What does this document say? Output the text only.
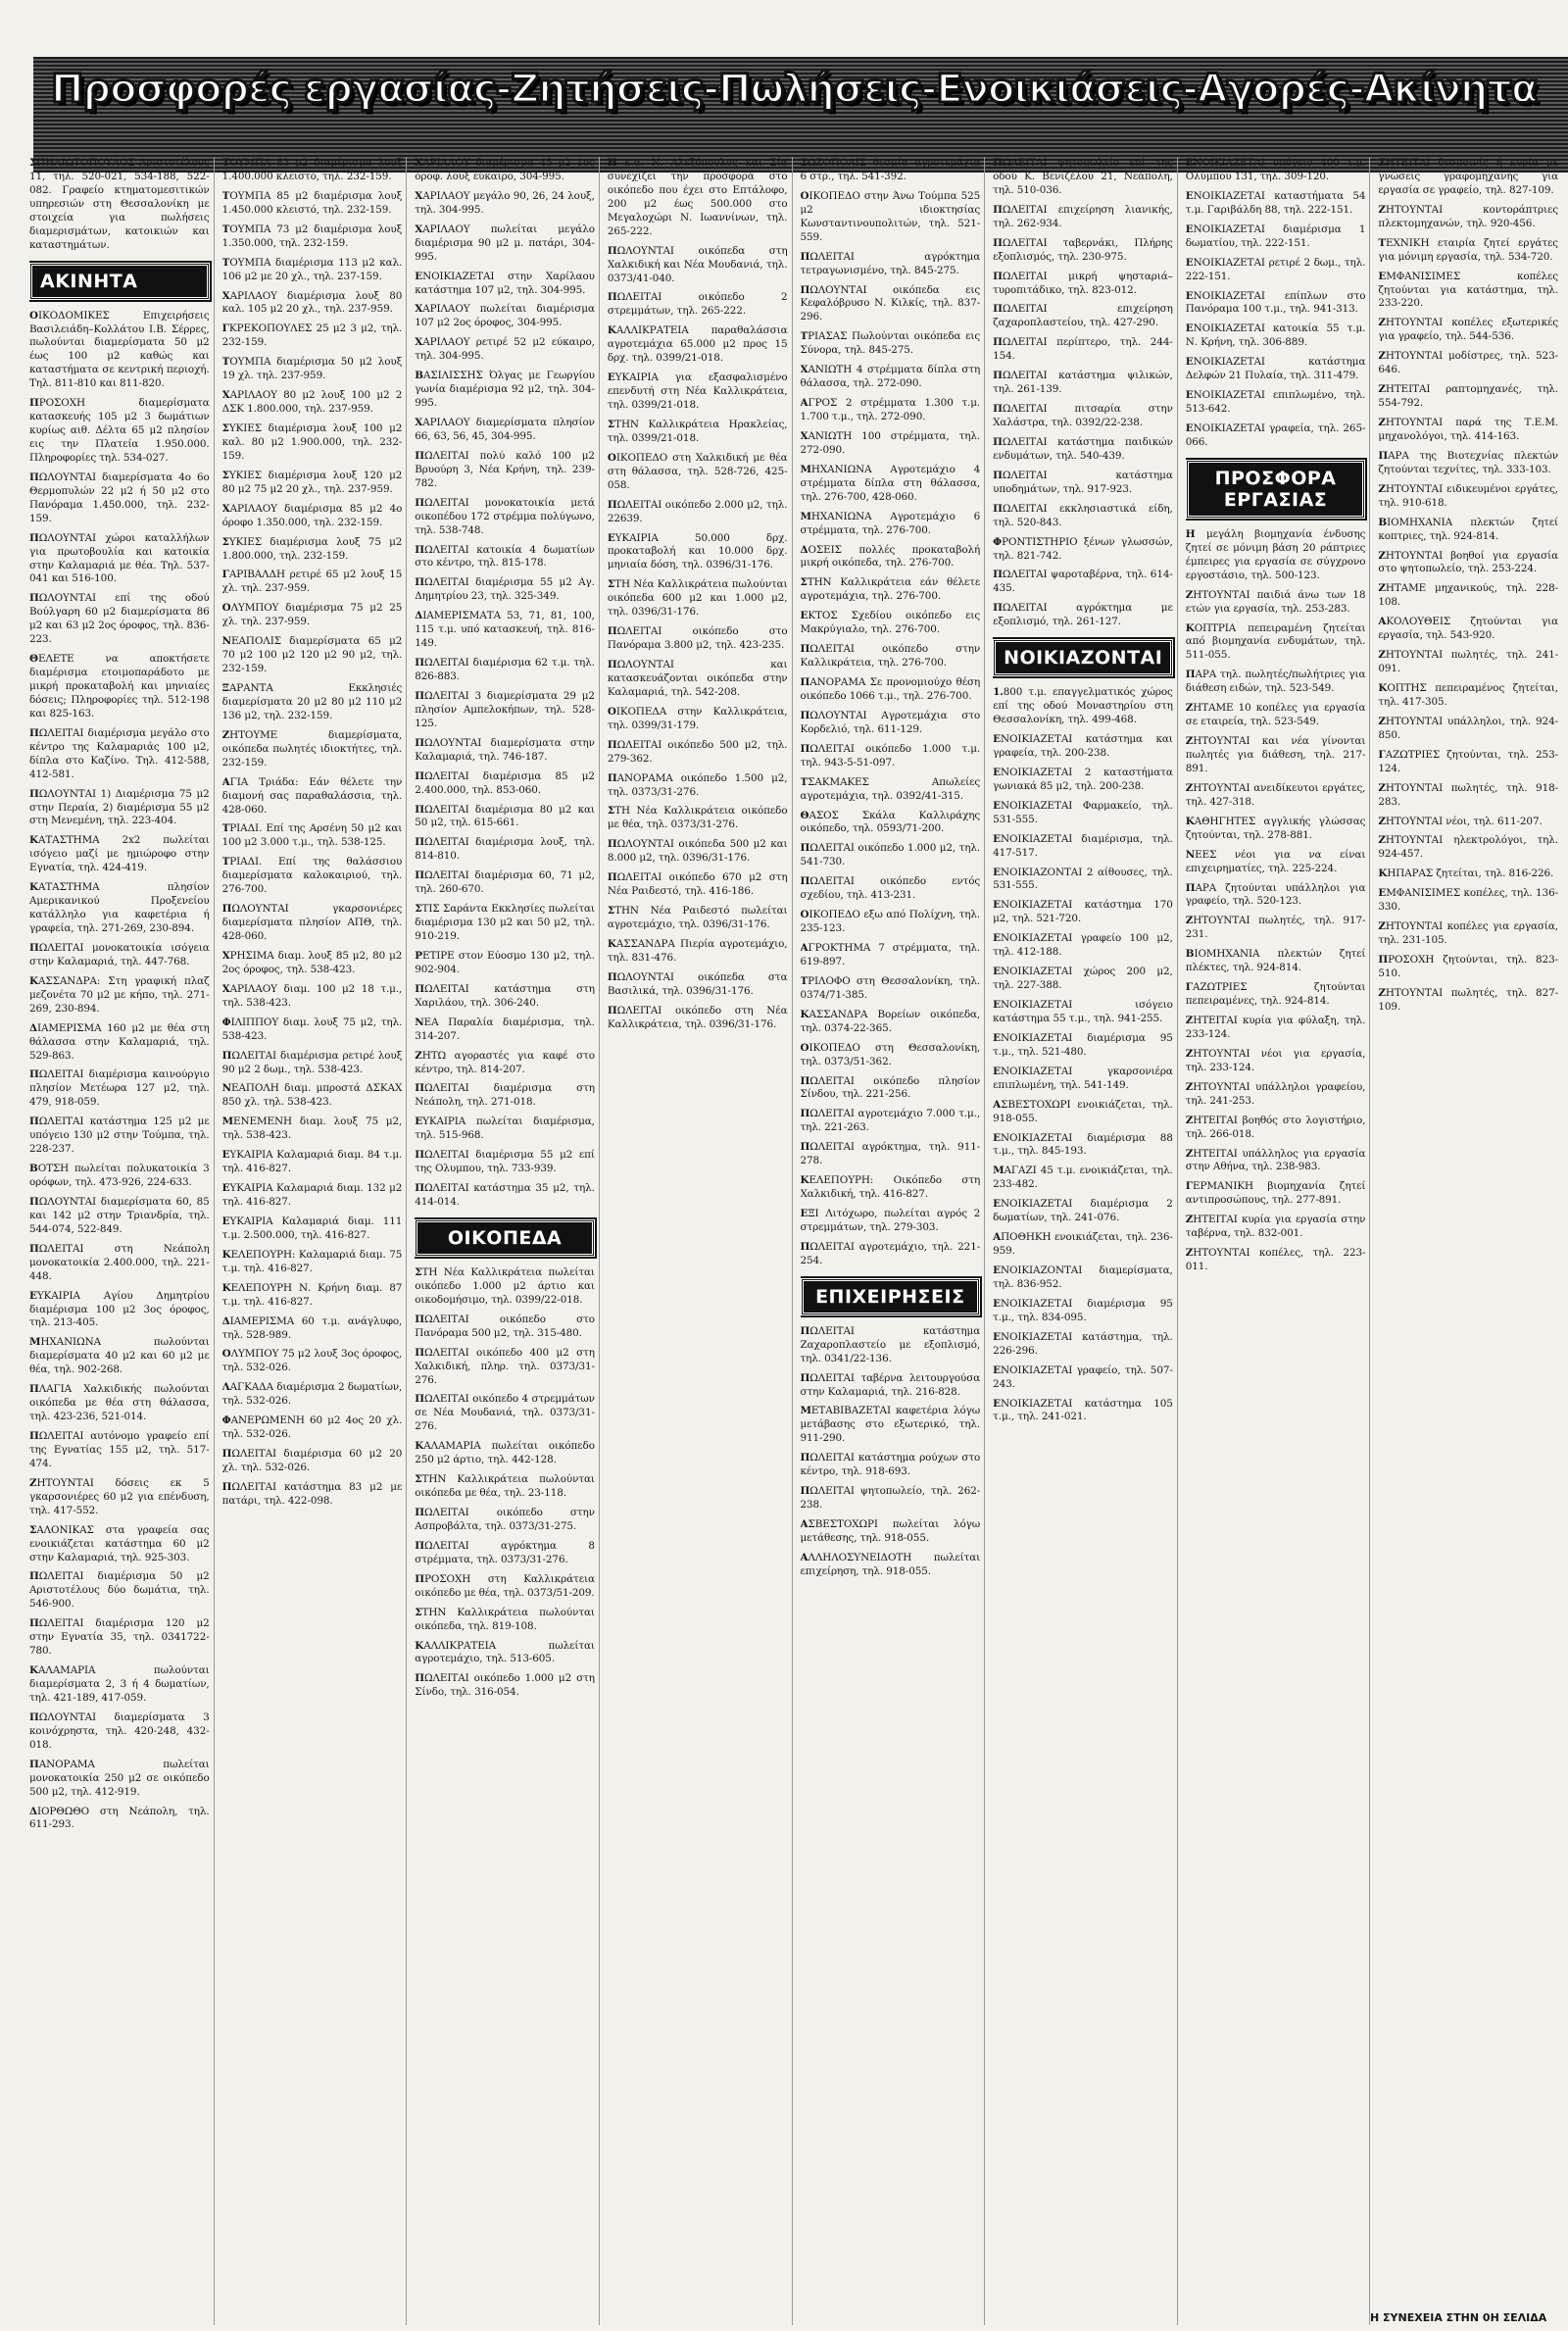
Προσφορές εργασίας-Ζητήσεις-Πωλήσεις-Ενοικιάσεις-Αγορές-Ακίνητα

ΣΠΗΛΙΩΤΟΠΟΥΛΟΣ Αριστοτέλους 11, τηλ. 520-021, 534-188, 522-082. Γραφείο κτηματομεσιτικών υπηρεσιών στη Θεσσαλονίκη με στοιχεία για πωλήσεις διαμερισμάτων, κατοικιών και καταστημάτων.

ΑΚΙΝΗΤΑ

ΟΙΚΟΔΟΜΙΚΕΣ Επιχειρήσεις Βασιλειάδη–Κολλάτου Ι.Β. Σέρρες, πωλούνται διαμερίσματα 50 μ2 έως 100 μ2 καθώς και καταστήματα σε κεντρική περιοχή. Τηλ. 811-810 και 811-820.

ΠΡΟΣΟΧΗ διαμερίσματα κατασκευής 105 μ2 3 δωμάτιων κυρίως αιθ. Δέλτα 65 μ2 πλησίον εις την Πλατεία 1.950.000. Πληροφορίες τηλ. 534-027.

ΠΩΛΟΥΝΤΑΙ διαμερίσματα 4ο 6ο Θερμοπυλών 22 μ2 ή 50 μ2 στο Πανόραμα 1.450.000, τηλ. 232-159.

ΠΩΛΟΥΝΤΑΙ χώροι καταλλήλων για πρωτοβουλία και κατοικία στην Καλαμαριά με θέα. Τηλ. 537-041 και 516-100.

ΠΩΛΟΥΝΤΑΙ επί της οδού Βούλγαρη 60 μ2 διαμερίσματα 86 μ2 και 63 μ2 2ος όροφος, τηλ. 836-223.

ΘΕΛΕΤΕ να αποκτήσετε διαμέρισμα ετοιμοπαράδοτο με μικρή προκαταβολή και μηνιαίες δόσεις; Πληροφορίες τηλ. 512-198 και 825-163.

ΠΩΛΕΙΤΑΙ διαμέρισμα μεγάλο στο κέντρο της Καλαμαριάς 100 μ2, δίπλα στο Καζίνο. Τηλ. 412-588, 412-581.

ΠΩΛΟΥΝΤΑΙ 1) Διαμέρισμα 75 μ2 στην Περαία, 2) διαμέρισμα 55 μ2 στη Μενεμένη, τηλ. 223-404.

ΚΑΤΑΣΤΗΜΑ 2x2 πωλείται ισόγειο μαζί με ημιώροφο στην Εγνατία, τηλ. 424-419.

ΚΑΤΑΣΤΗΜΑ πλησίον Αμερικανικού Προξενείου κατάλληλο για καφετέρια ή γραφεία, τηλ. 271-269, 230-894.

ΠΩΛΕΙΤΑΙ μονοκατοικία ισόγεια στην Καλαμαριά, τηλ. 447-768.

ΚΑΣΣΑΝΔΡΑ: Στη γραφική πλαζ μεζονέτα 70 μ2 με κήπο, τηλ. 271-269, 230-894.

ΔΙΑΜΕΡΙΣΜΑ 160 μ2 με θέα στη θάλασσα στην Καλαμαριά, τηλ. 529-863.

ΠΩΛΕΙΤΑΙ διαμέρισμα καινούργιο πλησίον Μετέωρα 127 μ2, τηλ. 479, 918-059.

ΠΩΛΕΙΤΑΙ κατάστημα 125 μ2 με υπόγειο 130 μ2 στην Τούμπα, τηλ. 228-237.

ΒΟΤΣΗ πωλείται πολυκατοικία 3 ορόφων, τηλ. 473-926, 224-633.

ΠΩΛΟΥΝΤΑΙ διαμερίσματα 60, 85 και 142 μ2 στην Τριανδρία, τηλ. 544-074, 522-849.

ΠΩΛΕΙΤΑΙ στη Νεάπολη μονοκατοικία 2.400.000, τηλ. 221-448.

ΕΥΚΑΙΡΙΑ Αγίου Δημητρίου διαμέρισμα 100 μ2 3ος όροφος, τηλ. 213-405.

ΜΗΧΑΝΙΩΝΑ πωλούνται διαμερίσματα 40 μ2 και 60 μ2 με θέα, τηλ. 902-268.

ΠΛΑΓΙΑ Χαλκιδικής πωλούνται οικόπεδα με θέα στη θάλασσα, τηλ. 423-236, 521-014.

ΠΩΛΕΙΤΑΙ αυτόνομο γραφείο επί της Εγνατίας 155 μ2, τηλ. 517-474.

ΖΗΤΟΥΝΤΑΙ δόσεις εκ 5 γκαρσονιέρες 60 μ2 για επένδυση, τηλ. 417-552.

ΣΑΛΟΝΙΚΑΣ στα γραφεία σας ενοικιάζεται κατάστημα 60 μ2 στην Καλαμαριά, τηλ. 925-303.

ΠΩΛΕΙΤΑΙ διαμέρισμα 50 μ2 Αριστοτέλους δύο δωμάτια, τηλ. 546-900.

ΠΩΛΕΙΤΑΙ διαμέρισμα 120 μ2 στην Εγνατία 35, τηλ. 0341722-780.

ΚΑΛΑΜΑΡΙΑ πωλούνται διαμερίσματα 2, 3 ή 4 δωματίων, τηλ. 421-189, 417-059.

ΠΩΛΟΥΝΤΑΙ διαμερίσματα 3 κοινόχρηστα, τηλ. 420-248, 432-018.

ΠΑΝΟΡΑΜΑ πωλείται μονοκατοικία 250 μ2 σε οικόπεδο 500 μ2, τηλ. 412-919.

ΔΙΟΡΘΩΘΟ στη Νεάπολη, τηλ. 611-293.

ΤΟΥΜΠΑ 83 μ2 διαμέρισμα λουξ 1.400.000 κλειστό, τηλ. 232-159.

ΤΟΥΜΠΑ 85 μ2 διαμέρισμα λουξ 1.450.000 κλειστό, τηλ. 232-159.

ΤΟΥΜΠΑ 73 μ2 διαμέρισμα λουξ 1.350.000, τηλ. 232-159.

ΤΟΥΜΠΑ διαμέρισμα 113 μ2 καλ. 106 μ2 με 20 χλ., τηλ. 237-159.

ΧΑΡΙΛΑΟΥ διαμέρισμα λουξ 80 καλ. 105 μ2 20 χλ., τηλ. 237-959.

ΓΚΡΕΚΟΠΟΥΛΕΣ 25 μ2 3 μ2, τηλ. 232-159.

ΤΟΥΜΠΑ διαμέρισμα 50 μ2 λουξ 19 χλ. τηλ. 237-959.

ΧΑΡΙΛΑΟΥ 80 μ2 λουξ 100 μ2 2 ΔΣΚ 1.800.000, τηλ. 237-959.

ΣΥΚΙΕΣ διαμέρισμα λουξ 100 μ2 καλ. 80 μ2 1.900.000, τηλ. 232-159.

ΣΥΚΙΕΣ διαμέρισμα λουξ 120 μ2 80 μ2 75 μ2 20 χλ., τηλ. 237-959.

ΧΑΡΙΛΑΟΥ διαμέρισμα 85 μ2 4ο όροφο 1.350.000, τηλ. 232-159.

ΣΥΚΙΕΣ διαμέρισμα λουξ 75 μ2 1.800.000, τηλ. 232-159.

ΓΑΡΙΒΑΛΔΗ ρετιρέ 65 μ2 λουξ 15 χλ. τηλ. 237-959.

ΟΛΥΜΠΟΥ διαμέρισμα 75 μ2 25 χλ. τηλ. 237-959.

ΝΕΑΠΟΛΙΣ διαμερίσματα 65 μ2 70 μ2 100 μ2 120 μ2 90 μ2, τηλ. 232-159.

ΞΑΡΑΝΤΑ Εκκλησιές διαμερίσματα 20 μ2 80 μ2 110 μ2 136 μ2, τηλ. 232-159.

ΖΗΤΟΥΜΕ διαμερίσματα, οικόπεδα πωλητές ιδιοκτήτες, τηλ. 232-159.

ΑΓΙΑ Τριάδα: Εάν θέλετε την διαμονή σας παραθαλάσσια, τηλ. 428-060.

ΤΡΙΑΔΙ. Επί της Αρσένη 50 μ2 και 100 μ2 3.000 τ.μ., τηλ. 538-125.

ΤΡΙΑΔΙ. Επί της θαλάσσιου διαμερίσματα καλοκαιριού, τηλ. 276-700.

ΠΩΛΟΥΝΤΑΙ γκαρσονιέρες διαμερίσματα πλησίον ΑΠΘ, τηλ. 428-060.

ΧΡΗΣΙΜΑ διαμ. λουξ 85 μ2, 80 μ2 2ος όροφος, τηλ. 538-423.

ΧΑΡΙΛΑΟΥ διαμ. 100 μ2 18 τ.μ., τηλ. 538-423.

ΦΙΛΙΠΠΟΥ διαμ. λουξ 75 μ2, τηλ. 538-423.

ΠΩΛΕΙΤΑΙ διαμέρισμα ρετιρέ λουξ 90 μ2 2 δωμ., τηλ. 538-423.

ΝΕΑΠΟΛΗ διαμ. μπροστά ΔΣΚΑΧ 850 χλ. τηλ. 538-423.

ΜΕΝΕΜΕΝΗ διαμ. λουξ 75 μ2, τηλ. 538-423.

ΕΥΚΑΙΡΙΑ Καλαμαριά διαμ. 84 τ.μ. τηλ. 416-827.

ΕΥΚΑΙΡΙΑ Καλαμαριά διαμ. 132 μ2 τηλ. 416-827.

ΕΥΚΑΙΡΙΑ Καλαμαριά διαμ. 111 τ.μ. 2.500.000, τηλ. 416-827.

ΚΕΛΕΠΟΥΡΗ: Καλαμαριά διαμ. 75 τ.μ. τηλ. 416-827.

ΚΕΛΕΠΟΥΡΗ Ν. Κρήνη διαμ. 87 τ.μ. τηλ. 416-827.

ΔΙΑΜΕΡΙΣΜΑ 60 τ.μ. ανάγλυφο, τηλ. 528-989.

ΟΛΥΜΠΟΥ 75 μ2 λουξ 3ος όροφος, τηλ. 532-026.

ΛΑΓΚΑΔΑ διαμέρισμα 2 δωματίων, τηλ. 532-026.

ΦΑΝΕΡΩΜΕΝΗ 60 μ2 4ος 20 χλ. τηλ. 532-026.

ΠΩΛΕΙΤΑΙ διαμέρισμα 60 μ2 20 χλ. τηλ. 532-026.

ΠΩΛΕΙΤΑΙ κατάστημα 83 μ2 με πατάρι, τηλ. 422-098.

ΧΑΡΙΛΑΟΥ διαμέρισμα 45 μ2 1ος όροφ. λουξ εύκαιρο, 304-995.

ΧΑΡΙΛΑΟΥ μεγάλο 90, 26, 24 λουξ, τηλ. 304-995.

ΧΑΡΙΛΑΟΥ πωλείται μεγάλο διαμέρισμα 90 μ2 μ. πατάρι, 304-995.

ΕΝΟΙΚΙΑΖΕΤΑΙ στην Χαρίλαου κατάστημα 107 μ2, τηλ. 304-995.

ΧΑΡΙΛΑΟΥ πωλείται διαμέρισμα 107 μ2 2ος όροφος, 304-995.

ΧΑΡΙΛΑΟΥ ρετιρέ 52 μ2 εύκαιρο, τηλ. 304-995.

ΒΑΣΙΛΙΣΣΗΣ Όλγας με Γεωργίου γωνία διαμέρισμα 92 μ2, τηλ. 304-995.

ΧΑΡΙΛΑΟΥ διαμερίσματα πλησίον 66, 63, 56, 45, 304-995.

ΠΩΛΕΙΤΑΙ πολύ καλό 100 μ2 Βρυούρη 3, Νέα Κρήνη, τηλ. 239-782.

ΠΩΛΕΙΤΑΙ μονοκατοικία μετά οικοπέδου 172 στρέμμα πολύγωνο, τηλ. 538-748.

ΠΩΛΕΙΤΑΙ κατοικία 4 δωματίων στο κέντρο, τηλ. 815-178.

ΠΩΛΕΙΤΑΙ διαμέρισμα 55 μ2 Αγ. Δημητρίου 23, τηλ. 325-349.

ΔΙΑΜΕΡΙΣΜΑΤΑ 53, 71, 81, 100, 115 τ.μ. υπό κατασκευή, τηλ. 816-149.

ΠΩΛΕΙΤΑΙ διαμέρισμα 62 τ.μ. τηλ. 826-883.

ΠΩΛΕΙΤΑΙ 3 διαμερίσματα 29 μ2 πλησίον Αμπελοκήπων, τηλ. 528-125.

ΠΩΛΟΥΝΤΑΙ διαμερίσματα στην Καλαμαριά, τηλ. 746-187.

ΠΩΛΕΙΤΑΙ διαμέρισμα 85 μ2 2.400.000, τηλ. 853-060.

ΠΩΛΕΙΤΑΙ διαμέρισμα 80 μ2 και 50 μ2, τηλ. 615-661.

ΠΩΛΕΙΤΑΙ διαμέρισμα λουξ, τηλ. 814-810.

ΠΩΛΕΙΤΑΙ διαμέρισμα 60, 71 μ2, τηλ. 260-670.

ΣΤΙΣ Σαράντα Εκκλησίες πωλείται διαμέρισμα 130 μ2 και 50 μ2, τηλ. 910-219.

ΡΕΤΙΡΕ στον Εύοσμο 130 μ2, τηλ. 902-904.

ΠΩΛΕΙΤΑΙ κατάστημα στη Χαριλάου, τηλ. 306-240.

ΝΕΑ Παραλία διαμέρισμα, τηλ. 314-207.

ΖΗΤΩ αγοραστές για καφέ στο κέντρο, τηλ. 814-207.

ΠΩΛΕΙΤΑΙ διαμέρισμα στη Νεάπολη, τηλ. 271-018.

ΕΥΚΑΙΡΙΑ πωλείται διαμέρισμα, τηλ. 515-968.

ΠΩΛΕΙΤΑΙ διαμέρισμα 55 μ2 επί της Ολυμπου, τηλ. 733-939.

ΠΩΛΕΙΤΑΙ κατάστημα 35 μ2, τηλ. 414-014.

ΟΙΚΟΠΕΔΑ

ΣΤΗ Νέα Καλλικράτεια πωλείται οικόπεδο 1.000 μ2 άρτιο και οικοδομήσιμο, τηλ. 0399/22-018.

ΠΩΛΕΙΤΑΙ οικόπεδο στο Πανόραμα 500 μ2, τηλ. 315-480.

ΠΩΛΕΙΤΑΙ οικόπεδο 400 μ2 στη Χαλκιδική, πληρ. τηλ. 0373/31-276.

ΠΩΛΕΙΤΑΙ οικόπεδο 4 στρεμμάτων σε Νέα Μουδανιά, τηλ. 0373/31-276.

ΚΑΛΑΜΑΡΙΑ πωλείται οικόπεδο 250 μ2 άρτιο, τηλ. 442-128.

ΣΤΗΝ Καλλικράτεια πωλούνται οικόπεδα με θέα, τηλ. 23-118.

ΠΩΛΕΙΤΑΙ οικόπεδο στην Ασπροβάλτα, τηλ. 0373/31-275.

ΠΩΛΕΙΤΑΙ αγρόκτημα 8 στρέμματα, τηλ. 0373/31-276.

ΠΡΟΣΟΧΗ στη Καλλικράτεια οικόπεδο με θέα, τηλ. 0373/51-209.

ΣΤΗΝ Καλλικράτεια πωλούνται οικόπεδα, τηλ. 819-108.

ΚΑΛΛΙΚΡΑΤΕΙΑ πωλείται αγροτεμάχιο, τηλ. 513-605.

ΠΩΛΕΙΤΑΙ οικόπεδο 1.000 μ2 στη Σίνδο, τηλ. 316-054.

Η κ.α. Ν. Αλεξόπουλος και Σία συνεχίζει την προσφορά στο οικόπεδο που έχει στο Επτάλοφο, 200 μ2 έως 500.000 στο Μεγαλοχώρι Ν. Ιωαννίνων, τηλ. 265-222.

ΠΩΛΟΥΝΤΑΙ οικόπεδα στη Χαλκιδική και Νέα Μουδανιά, τηλ. 0373/41-040.

ΠΩΛΕΙΤΑΙ οικόπεδο 2 στρεμμάτων, τηλ. 265-222.

ΚΑΛΛΙΚΡΑΤΕΙΑ παραθαλάσσια αγροτεμάχια 65.000 μ2 προς 15 δρχ. τηλ. 0399/21-018.

ΕΥΚΑΙΡΙΑ για εξασφαλισμένο επενδυτή στη Νέα Καλλικράτεια, τηλ. 0399/21-018.

ΣΤΗΝ Καλλικράτεια Ηρακλείας, τηλ. 0399/21-018.

ΟΙΚΟΠΕΔΟ στη Χαλκιδική με θέα στη θάλασσα, τηλ. 528-726, 425-058.

ΠΩΛΕΙΤΑΙ οικόπεδο 2.000 μ2, τηλ. 22639.

ΕΥΚΑΙΡΙΑ 50.000 δρχ. προκαταβολή και 10.000 δρχ. μηνιαία δόση, τηλ. 0396/31-176.

ΣΤΗ Νέα Καλλικράτεια πωλούνται οικόπεδα 600 μ2 και 1.000 μ2, τηλ. 0396/31-176.

ΠΩΛΕΙΤΑΙ οικόπεδο στο Πανόραμα 3.800 μ2, τηλ. 423-235.

ΠΩΛΟΥΝΤΑΙ και κατασκευάζονται οικόπεδα στην Καλαμαριά, τηλ. 542-208.

ΟΙΚΟΠΕΔΑ στην Καλλικράτεια, τηλ. 0399/31-179.

ΠΩΛΕΙΤΑΙ οικόπεδο 500 μ2, τηλ. 279-362.

ΠΑΝΟΡΑΜΑ οικόπεδο 1.500 μ2, τηλ. 0373/31-276.

ΣΤΗ Νέα Καλλικράτεια οικόπεδο με θέα, τηλ. 0373/31-276.

ΠΩΛΟΥΝΤΑΙ οικόπεδα 500 μ2 και 8.000 μ2, τηλ. 0396/31-176.

ΠΩΛΕΙΤΑΙ οικόπεδο 670 μ2 στη Νέα Ραιδεστό, τηλ. 416-186.

ΣΤΗΝ Νέα Ραιδεστό πωλείται αγροτεμάχιο, τηλ. 0396/31-176.

ΚΑΣΣΑΝΔΡΑ Πιερία αγροτεμάχιο, τηλ. 831-476.

ΠΩΛΟΥΝΤΑΙ οικόπεδα στα Βασιλικά, τηλ. 0396/31-176.

ΠΩΛΕΙΤΑΙ οικόπεδο στη Νέα Καλλικράτεια, τηλ. 0396/31-176.

ΣΩΖΟΠΟΛΙΣ θεσμία αγροτεμάχια 6 στρ., τηλ. 541-392.

ΟΙΚΟΠΕΔΟ στην Άνω Τούμπα 525 μ2 ιδιοκτησίας Κωνσταντινουπολιτών, τηλ. 521-559.

ΠΩΛΕΙΤΑΙ αγρόκτημα τετραγωνισμένο, τηλ. 845-275.

ΠΩΛΟΥΝΤΑΙ οικόπεδα εις Κεφαλόβρυσο Ν. Κιλκίς, τηλ. 837-296.

ΤΡΙΑΣΑΣ Πωλούνται οικόπεδα εις Σύνορα, τηλ. 845-275.

ΧΑΝΙΩΤΗ 4 στρέμματα δίπλα στη θάλασσα, τηλ. 272-090.

ΑΓΡΟΣ 2 στρέμματα 1.300 τ.μ. 1.700 τ.μ., τηλ. 272-090.

ΧΑΝΙΩΤΗ 100 στρέμματα, τηλ. 272-090.

ΜΗΧΑΝΙΩΝΑ Αγροτεμάχιο 4 στρέμματα δίπλα στη θάλασσα, τηλ. 276-700, 428-060.

ΜΗΧΑΝΙΩΝΑ Αγροτεμάχιο 6 στρέμματα, τηλ. 276-700.

ΔΟΣΕΙΣ πολλές προκαταβολή μικρή οικόπεδα, τηλ. 276-700.

ΣΤΗΝ Καλλικράτεια εάν θέλετε αγροτεμάχια, τηλ. 276-700.

ΕΚΤΟΣ Σχεδίου οικόπεδο εις Μακρύγιαλο, τηλ. 276-700.

ΠΩΛΕΙΤΑΙ οικόπεδο στην Καλλικράτεια, τηλ. 276-700.

ΠΑΝΟΡΑΜΑ Σε προνομιούχο θέση οικόπεδο 1066 τ.μ., τηλ. 276-700.

ΠΩΛΟΥΝΤΑΙ Αγροτεμάχια στο Κορδελιό, τηλ. 611-129.

ΠΩΛΕΙΤΑΙ οικόπεδο 1.000 τ.μ. τηλ. 943-5-51-097.

ΤΣΑΚΜΑΚΕΣ Απωλείες αγροτεμάχια, τηλ. 0392/41-315.

ΘΑΣΟΣ Σκάλα Καλλιράχης οικόπεδο, τηλ. 0593/71-200.

ΠΩΛΕΙΤΑΙ οικόπεδο 1.000 μ2, τηλ. 541-730.

ΠΩΛΕΙΤΑΙ οικόπεδο εντός σχεδίου, τηλ. 413-231.

ΟΙΚΟΠΕΔΟ εξω από Πολίχνη, τηλ. 235-123.

ΑΓΡΟΚΤΗΜΑ 7 στρέμματα, τηλ. 619-897.

ΤΡΙΛΟΦΟ στη Θεσσαλονίκη, τηλ. 0374/71-385.

ΚΑΣΣΑΝΔΡΑ Βορείων οικόπεδα, τηλ. 0374-22-365.

ΟΙΚΟΠΕΔΟ στη Θεσσαλονίκη, τηλ. 0373/51-362.

ΠΩΛΕΙΤΑΙ οικόπεδο πλησίον Σίνδου, τηλ. 221-256.

ΠΩΛΕΙΤΑΙ αγροτεμάχιο 7.000 τ.μ., τηλ. 221-263.

ΠΩΛΕΙΤΑΙ αγρόκτημα, τηλ. 911-278.

ΚΕΛΕΠΟΥΡΗ: Οικόπεδο στη Χαλκιδική, τηλ. 416-827.

ΕΞΙ Λιτόχωρο, πωλείται αγρός 2 στρεμμάτων, τηλ. 279-303.

ΠΩΛΕΙΤΑΙ αγροτεμάχιο, τηλ. 221-254.

ΕΠΙΧΕΙΡΗΣΕΙΣ

ΠΩΛΕΙΤΑΙ κατάστημα Ζαχαροπλαστείο με εξοπλισμό, τηλ. 0341/22-136.

ΠΩΛΕΙΤΑΙ ταβέρνα λειτουργούσα στην Καλαμαριά, τηλ. 216-828.

ΜΕΤΑΒΙΒΑΖΕΤΑΙ καφετέρια λόγω μετάβασης στο εξωτερικό, τηλ. 911-290.

ΠΩΛΕΙΤΑΙ κατάστημα ρούχων στο κέντρο, τηλ. 918-693.

ΠΩΛΕΙΤΑΙ ψητοπωλείο, τηλ. 262-238.

ΑΣΒΕΣΤΟΧΩΡΙ πωλείται λόγω μετάθεσης, τηλ. 918-055.

ΑΛΛΗΛΟΣΥΝΕΙΔΟΤΗ πωλείται επιχείρηση, τηλ. 918-055.

ΠΩΛΕΙΤΑΙ ψητοπωλείο επί της οδού Κ. Βενιζέλου 21, Νεάπολη, τηλ. 510-036.

ΠΩΛΕΙΤΑΙ επιχείρηση λιανικής, τηλ. 262-934.

ΠΩΛΕΙΤΑΙ ταβερνάκι, Πλήρης εξοπλισμός, τηλ. 230-975.

ΠΩΛΕΙΤΑΙ μικρή ψησταριά–τυροπιτάδικο, τηλ. 823-012.

ΠΩΛΕΙΤΑΙ επιχείρηση ζαχαροπλαστείου, τηλ. 427-290.

ΠΩΛΕΙΤΑΙ περίπτερο, τηλ. 244-154.

ΠΩΛΕΙΤΑΙ κατάστημα ψιλικών, τηλ. 261-139.

ΠΩΛΕΙΤΑΙ πιτσαρία στην Χαλάστρα, τηλ. 0392/22-238.

ΠΩΛΕΙΤΑΙ κατάστημα παιδικών ενδυμάτων, τηλ. 540-439.

ΠΩΛΕΙΤΑΙ κατάστημα υποδημάτων, τηλ. 917-923.

ΠΩΛΕΙΤΑΙ εκκλησιαστικά είδη, τηλ. 520-843.

ΦΡΟΝΤΙΣΤΗΡΙΟ ξένων γλωσσών, τηλ. 821-742.

ΠΩΛΕΙΤΑΙ ψαροταβέρνα, τηλ. 614-435.

ΠΩΛΕΙΤΑΙ αγρόκτημα με εξοπλισμό, τηλ. 261-127.

ΝΟΙΚΙΑΖΟΝΤΑΙ

1.800 τ.μ. επαγγελματικός χώρος επί της οδού Μοναστηρίου στη Θεσσαλονίκη, τηλ. 499-468.

ΕΝΟΙΚΙΑΖΕΤΑΙ κατάστημα και γραφεία, τηλ. 200-238.

ΕΝΟΙΚΙΑΖΕΤΑΙ 2 καταστήματα γωνιακά 85 μ2, τηλ. 200-238.

ΕΝΟΙΚΙΑΖΕΤΑΙ Φαρμακείο, τηλ. 531-555.

ΕΝΟΙΚΙΑΖΕΤΑΙ διαμέρισμα, τηλ. 417-517.

ΕΝΟΙΚΙΑΖΟΝΤΑΙ 2 αίθουσες, τηλ. 531-555.

ΕΝΟΙΚΙΑΖΕΤΑΙ κατάστημα 170 μ2, τηλ. 521-720.

ΕΝΟΙΚΙΑΖΕΤΑΙ γραφείο 100 μ2, τηλ. 412-188.

ΕΝΟΙΚΙΑΖΕΤΑΙ χώρος 200 μ2, τηλ. 227-388.

ΕΝΟΙΚΙΑΖΕΤΑΙ ισόγειο κατάστημα 55 τ.μ., τηλ. 941-255.

ΕΝΟΙΚΙΑΖΕΤΑΙ διαμέρισμα 95 τ.μ., τηλ. 521-480.

ΕΝΟΙΚΙΑΖΕΤΑΙ γκαρσονιέρα επιπλωμένη, τηλ. 541-149.

ΑΣΒΕΣΤΟΧΩΡΙ ενοικιάζεται, τηλ. 918-055.

ΕΝΟΙΚΙΑΖΕΤΑΙ διαμέρισμα 88 τ.μ., τηλ. 845-193.

ΜΑΓΑΖΙ 45 τ.μ. ενοικιάζεται, τηλ. 233-482.

ΕΝΟΙΚΙΑΖΕΤΑΙ διαμέρισμα 2 δωματίων, τηλ. 241-076.

ΑΠΟΘΗΚΗ ενοικιάζεται, τηλ. 236-959.

ΕΝΟΙΚΙΑΖΟΝΤΑΙ διαμερίσματα, τηλ. 836-952.

ΕΝΟΙΚΙΑΖΕΤΑΙ διαμέρισμα 95 τ.μ., τηλ. 834-095.

ΕΝΟΙΚΙΑΖΕΤΑΙ κατάστημα, τηλ. 226-296.

ΕΝΟΙΚΙΑΖΕΤΑΙ γραφείο, τηλ. 507-243.

ΕΝΟΙΚΙΑΖΕΤΑΙ κατάστημα 105 τ.μ., τηλ. 241-021.

ΕΝΟΙΚΙΑΖΕΤΑΙ υπόγειο 400 τ.μ. Ολύμπου 131, τηλ. 309-120.

ΕΝΟΙΚΙΑΖΕΤΑΙ καταστήματα 54 τ.μ. Γαριβάλδη 88, τηλ. 222-151.

ΕΝΟΙΚΙΑΖΕΤΑΙ διαμέρισμα 1 δωματίου, τηλ. 222-151.

ΕΝΟΙΚΙΑΖΕΤΑΙ ρετιρέ 2 δωμ., τηλ. 222-151.

ΕΝΟΙΚΙΑΖΕΤΑΙ επίπλων στο Πανόραμα 100 τ.μ., τηλ. 941-313.

ΕΝΟΙΚΙΑΖΕΤΑΙ κατοικία 55 τ.μ. Ν. Κρήνη, τηλ. 306-889.

ΕΝΟΙΚΙΑΖΕΤΑΙ κατάστημα Δελφών 21 Πυλαία, τηλ. 311-479.

ΕΝΟΙΚΙΑΖΕΤΑΙ επιπλωμένο, τηλ. 513-642.

ΕΝΟΙΚΙΑΖΕΤΑΙ γραφεία, τηλ. 265-066.

ΠΡΟΣΦΟΡΑ ΕΡΓΑΣΙΑΣ

Η μεγάλη βιομηχανία ένδυσης ζητεί σε μόνιμη βάση 20 ράπτριες έμπειρες για εργασία σε σύγχρονο εργοστάσιο, τηλ. 500-123.

ΖΗΤΟΥΝΤΑΙ παιδιά άνω των 18 ετών για εργασία, τηλ. 253-283.

ΚΟΠΤΡΙΑ πεπειραμένη ζητείται από βιομηχανία ενδυμάτων, τηλ. 511-055.

ΠΑΡΑ τηλ. πωλητές/πωλήτριες για διάθεση ειδών, τηλ. 523-549.

ΖΗΤΑΜΕ 10 κοπέλες για εργασία σε εταιρεία, τηλ. 523-549.

ΖΗΤΟΥΝΤΑΙ και νέα γίνονται πωλητές για διάθεση, τηλ. 217-891.

ΖΗΤΟΥΝΤΑΙ ανειδίκευτοι εργάτες, τηλ. 427-318.

ΚΑΘΗΓΗΤΕΣ αγγλικής γλώσσας ζητούνται, τηλ. 278-881.

ΝΕΕΣ νέοι για να είναι επιχειρηματίες, τηλ. 225-224.

ΠΑΡΑ ζητούνται υπάλληλοι για γραφείο, τηλ. 520-123.

ΖΗΤΟΥΝΤΑΙ πωλητές, τηλ. 917-231.

ΒΙΟΜΗΧΑΝΙΑ πλεκτών ζητεί πλέκτες, τηλ. 924-814.

ΓΑΖΩΤΡΙΕΣ ζητούνται πεπειραμένες, τηλ. 924-814.

ΖΗΤΕΙΤΑΙ κυρία για φύλαξη, τηλ. 233-124.

ΖΗΤΟΥΝΤΑΙ νέοι για εργασία, τηλ. 233-124.

ΖΗΤΟΥΝΤΑΙ υπάλληλοι γραφείου, τηλ. 241-253.

ΖΗΤΕΙΤΑΙ βοηθός στο λογιστήριο, τηλ. 266-018.

ΖΗΤΕΙΤΑΙ υπάλληλος για εργασία στην Αθήνα, τηλ. 238-983.

ΓΕΡΜΑΝΙΚΗ βιομηχανία ζητεί αντιπροσώπους, τηλ. 277-891.

ΖΗΤΕΙΤΑΙ κυρία για εργασία στην ταβέρνα, τηλ. 832-001.

ΖΗΤΟΥΝΤΑΙ κοπέλες, τηλ. 223-011.

ΖΗΤΕΙΤΑΙ δεσποινίς ή κυρία με γνώσεις γραφομηχανής για εργασία σε γραφείο, τηλ. 827-109.

ΖΗΤΟΥΝΤΑΙ κοντοράπτριες πλεκτομηχανών, τηλ. 920-456.

ΤΕΧΝΙΚΗ εταιρία ζητεί εργάτες για μόνιμη εργασία, τηλ. 534-720.

ΕΜΦΑΝΙΣΙΜΕΣ κοπέλες ζητούνται για κατάστημα, τηλ. 233-220.

ΖΗΤΟΥΝΤΑΙ κοπέλες εξωτερικές για γραφείο, τηλ. 544-536.

ΖΗΤΟΥΝΤΑΙ μοδίστρες, τηλ. 523-646.

ΖΗΤΕΙΤΑΙ ραπτομηχανές, τηλ. 554-792.

ΖΗΤΟΥΝΤΑΙ παρά της Τ.Ε.Μ. μηχανολόγοι, τηλ. 414-163.

ΠΑΡΑ της Βιοτεχνίας πλεκτών ζητούνται τεχνίτες, τηλ. 333-103.

ΖΗΤΟΥΝΤΑΙ ειδικευμένοι εργάτες, τηλ. 910-618.

ΒΙΟΜΗΧΑΝΙΑ πλεκτών ζητεί κοπτριες, τηλ. 924-814.

ΖΗΤΟΥΝΤΑΙ βοηθοί για εργασία στο ψητοπωλείο, τηλ. 253-224.

ΖΗΤΑΜΕ μηχανικούς, τηλ. 228-108.

ΑΚΟΛΟΥΘΕΙΣ ζητούνται για εργασία, τηλ. 543-920.

ΖΗΤΟΥΝΤΑΙ πωλητές, τηλ. 241-091.

ΚΟΠΤΗΣ πεπειραμένος ζητείται, τηλ. 417-305.

ΖΗΤΟΥΝΤΑΙ υπάλληλοι, τηλ. 924-850.

ΓΑΖΩΤΡΙΕΣ ζητούνται, τηλ. 253-124.

ΖΗΤΟΥΝΤΑΙ πωλητές, τηλ. 918-283.

ΖΗΤΟΥΝΤΑΙ νέοι, τηλ. 611-207.

ΖΗΤΟΥΝΤΑΙ ηλεκτρολόγοι, τηλ. 924-457.

ΚΗΠΑΡΑΣ ζητείται, τηλ. 816-226.

ΕΜΦΑΝΙΣΙΜΕΣ κοπέλες, τηλ. 136-330.

ΖΗΤΟΥΝΤΑΙ κοπέλες για εργασία, τηλ. 231-105.

ΠΡΟΣΟΧΗ ζητούνται, τηλ. 823-510.

ΖΗΤΟΥΝΤΑΙ πωλητές, τηλ. 827-109.

Η ΣΥΝΕΧΕΙΑ ΣΤΗΝ 0Η ΣΕΛΙΔΑ
